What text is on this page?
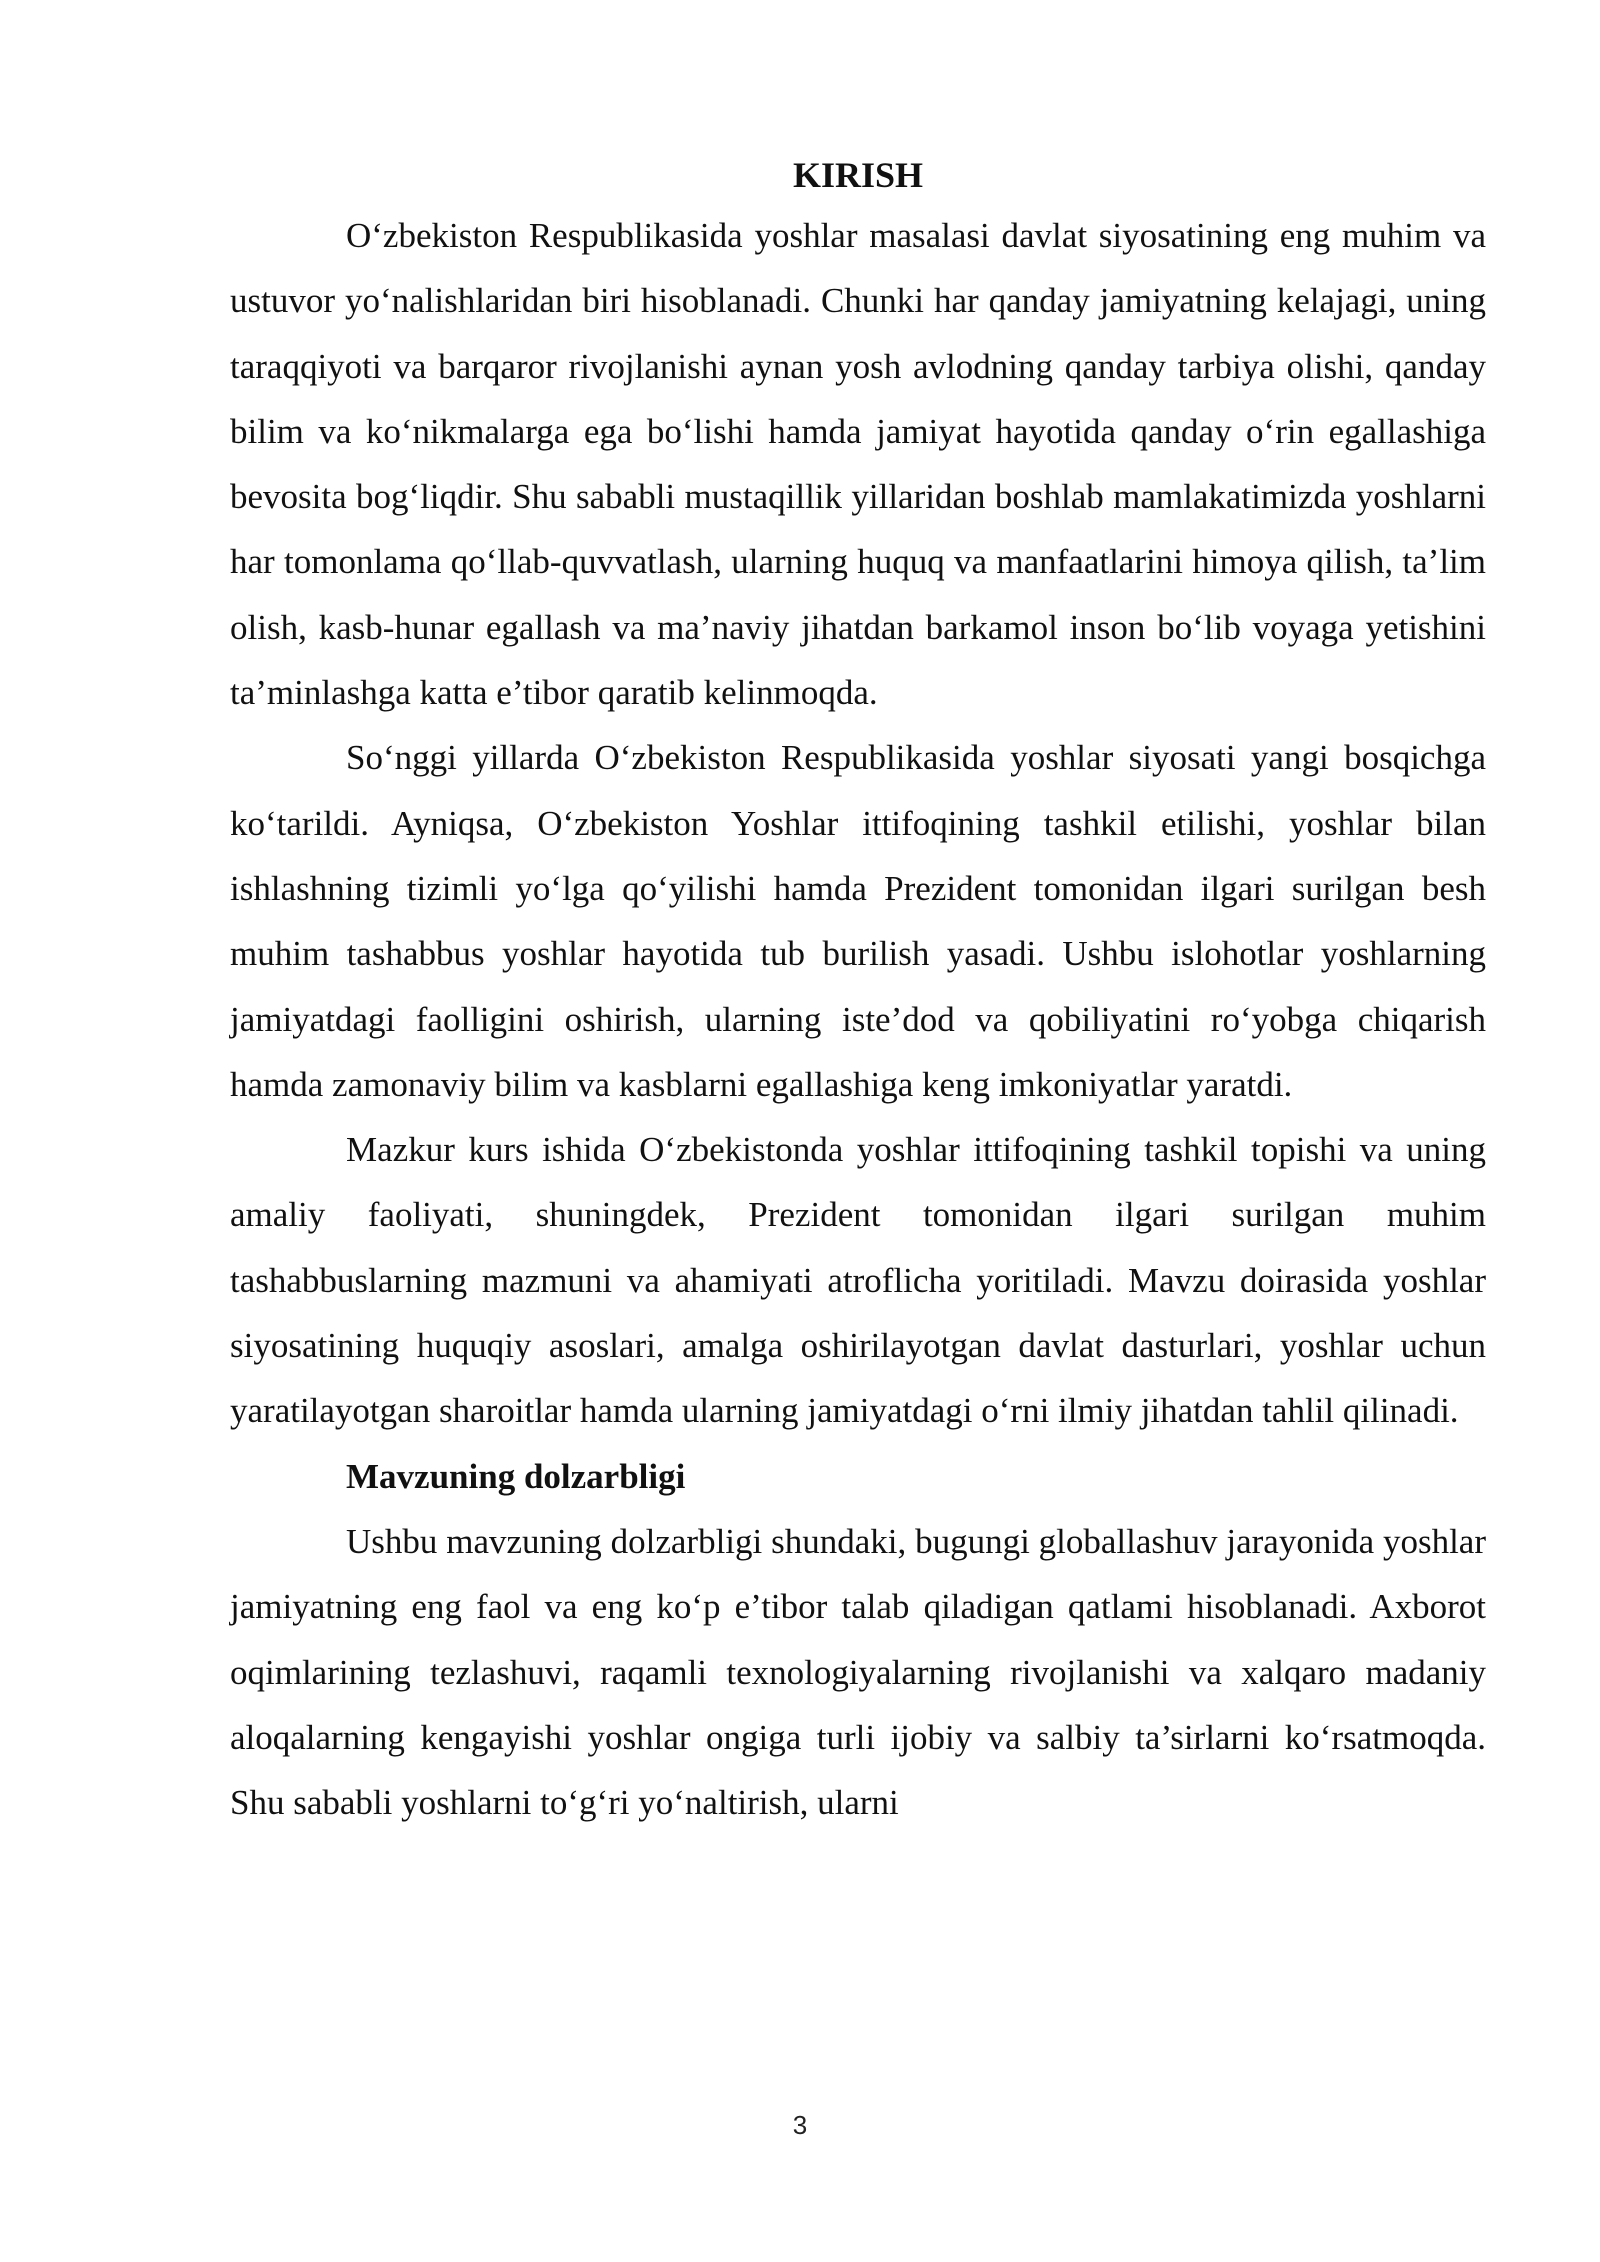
KIRISH

O‘zbekiston Respublikasida yoshlar masalasi davlat siyosatining eng muhim va ustuvor yo‘nalishlaridan biri hisoblanadi. Chunki har qanday jamiyatning kelajagi, uning taraqqiyoti va barqaror rivojlanishi aynan yosh avlodning qanday tarbiya olishi, qanday bilim va ko‘nikmalarga ega bo‘lishi hamda jamiyat hayotida qanday o‘rin egallashiga bevosita bog‘liqdir. Shu sababli mustaqillik yillaridan boshlab mamlakatimizda yoshlarni har tomonlama qo‘llab-quvvatlash, ularning huquq va manfaatlarini himoya qilish, ta’lim olish, kasb-hunar egallash va ma’naviy jihatdan barkamol inson bo‘lib voyaga yetishini ta’minlashga katta e’tibor qaratib kelinmoqda.

So‘nggi yillarda O‘zbekiston Respublikasida yoshlar siyosati yangi bosqichga ko‘tarildi. Ayniqsa, O‘zbekiston Yoshlar ittifoqining tashkil etilishi, yoshlar bilan ishlashning tizimli yo‘lga qo‘yilishi hamda Prezident tomonidan ilgari surilgan besh muhim tashabbus yoshlar hayotida tub burilish yasadi. Ushbu islohotlar yoshlarning jamiyatdagi faolligini oshirish, ularning iste’dod va qobiliyatini ro‘yobga chiqarish hamda zamonaviy bilim va kasblarni egallashiga keng imkoniyatlar yaratdi.

Mazkur kurs ishida O‘zbekistonda yoshlar ittifoqining tashkil topishi va uning amaliy faoliyati, shuningdek, Prezident tomonidan ilgari surilgan muhim tashabbuslarning mazmuni va ahamiyati atroflicha yoritiladi. Mavzu doirasida yoshlar siyosatining huquqiy asoslari, amalga oshirilayotgan davlat dasturlari, yoshlar uchun yaratilayotgan sharoitlar hamda ularning jamiyatdagi o‘rni ilmiy jihatdan tahlil qilinadi.

Mavzuning dolzarbligi

Ushbu mavzuning dolzarbligi shundaki, bugungi globallashuv jarayonida yoshlar jamiyatning eng faol va eng ko‘p e’tibor talab qiladigan qatlami hisoblanadi. Axborot oqimlarining tezlashuvi, raqamli texnologiyalarning rivojlanishi va xalqaro madaniy aloqalarning kengayishi yoshlar ongiga turli ijobiy va salbiy ta’sirlarni ko‘rsatmoqda. Shu sababli yoshlarni to‘g‘ri yo‘naltirish, ularni

3
